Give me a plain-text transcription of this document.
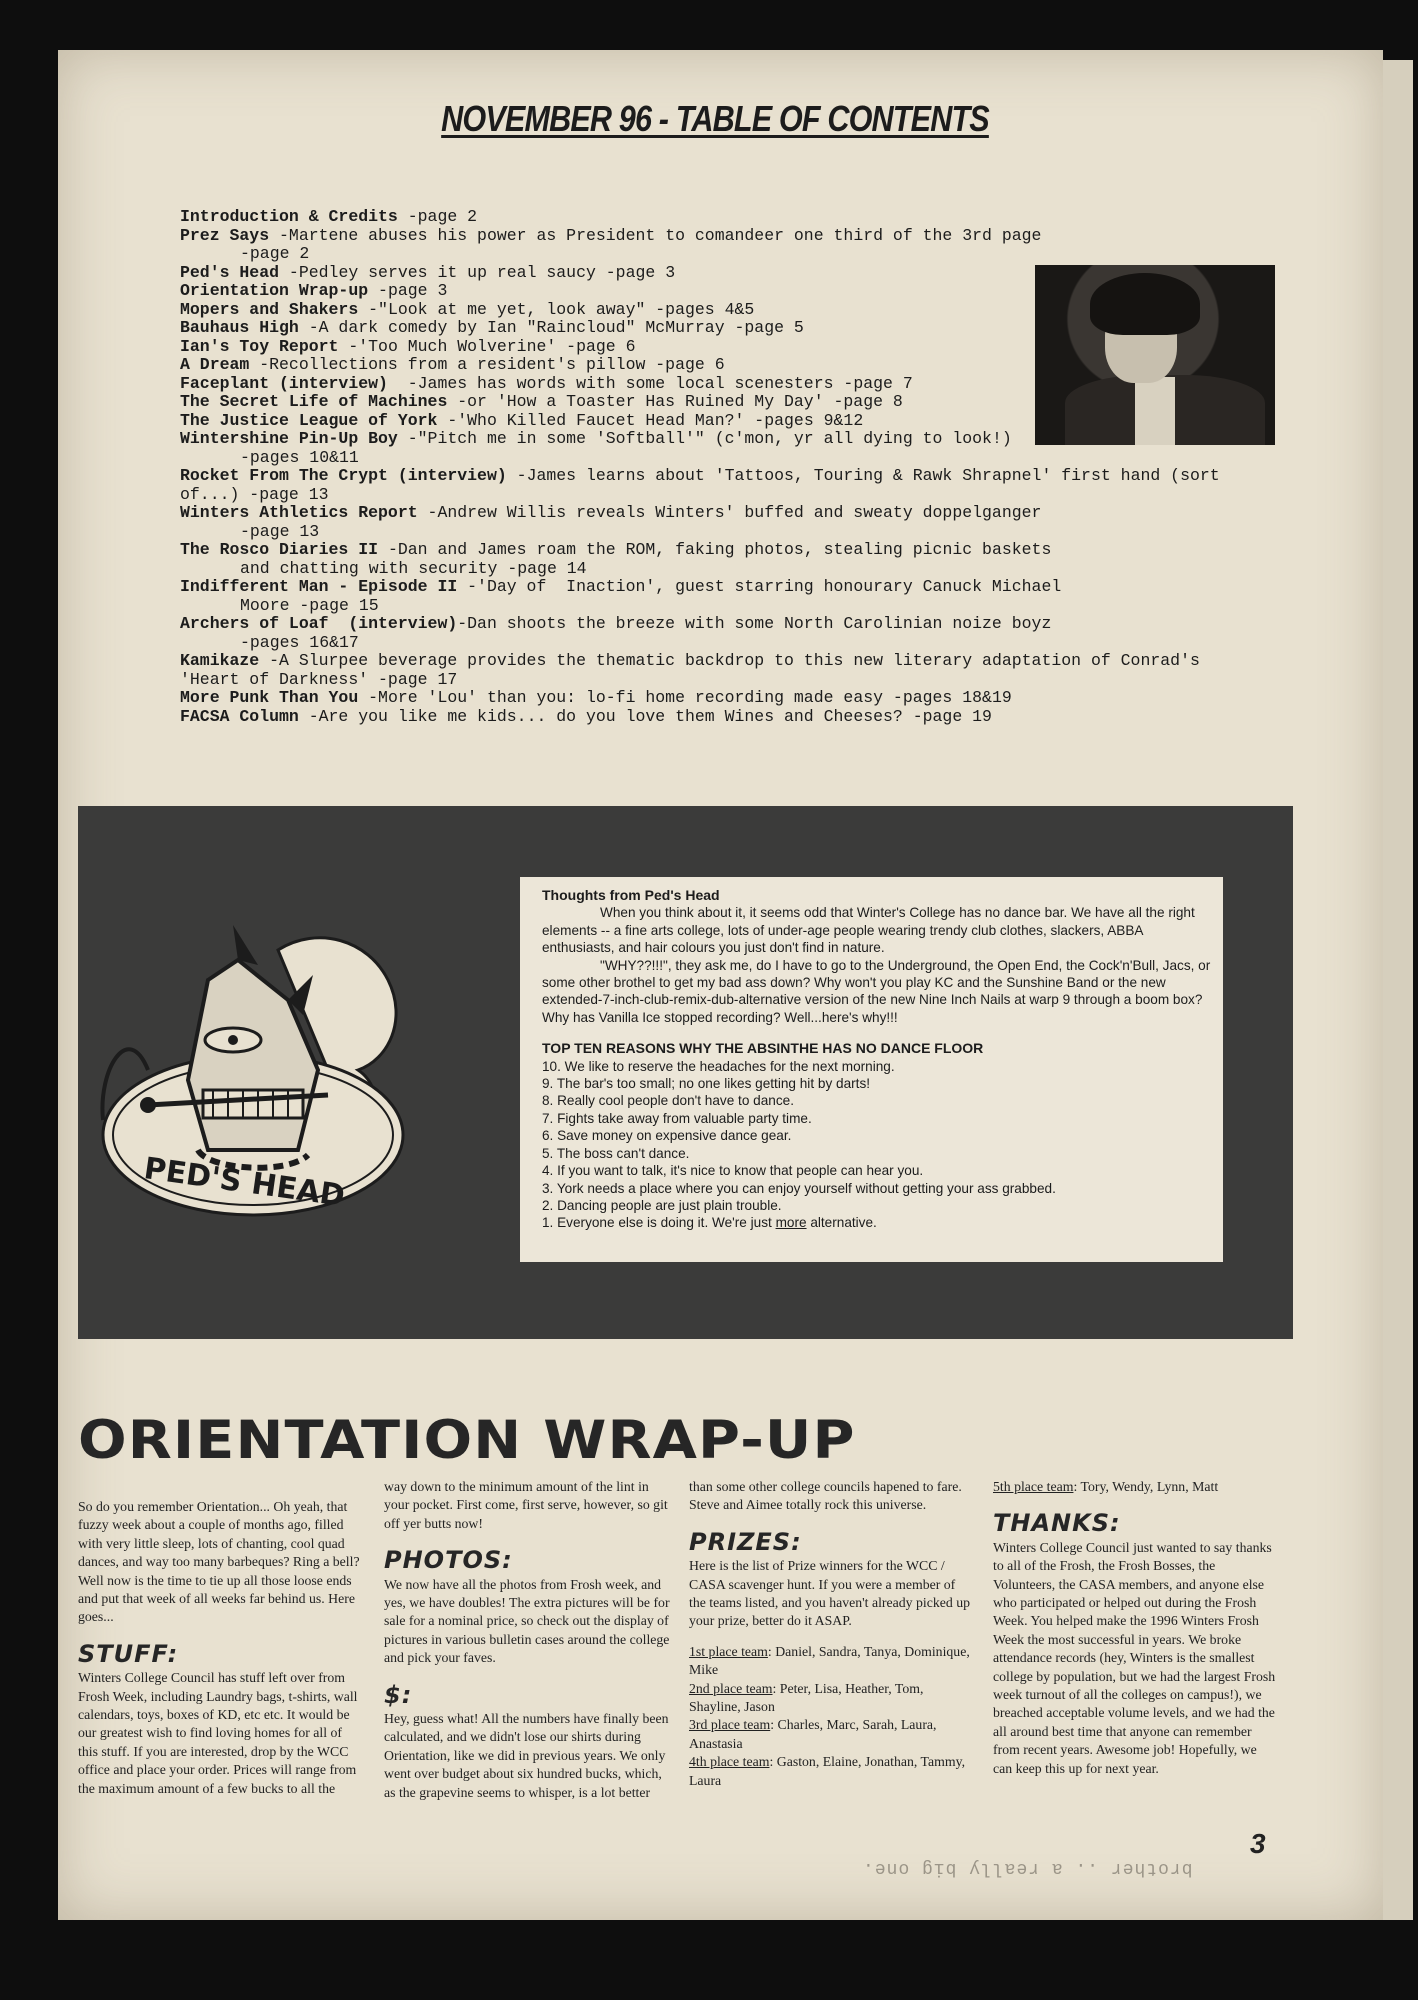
NOVEMBER 96 - TABLE OF CONTENTS
Introduction & Credits -page 2
Prez Says -Martene abuses his power as President to comandeer one third of the 3rd page
-page 2
Ped's Head -Pedley serves it up real saucy -page 3
Orientation Wrap-up -page 3
Mopers and Shakers -"Look at me yet, look away" -pages 4&5
Bauhaus High -A dark comedy by Ian "Raincloud" McMurray -page 5
Ian's Toy Report -'Too Much Wolverine' -page 6
A Dream -Recollections from a resident's pillow -page 6
Faceplant (interview)  -James has words with some local scenesters -page 7
The Secret Life of Machines -or 'How a Toaster Has Ruined My Day' -page 8
The Justice League of York -'Who Killed Faucet Head Man?' -pages 9&12
Wintershine Pin-Up Boy -"Pitch me in some 'Softball'" (c'mon, yr all dying to look!)
-pages 10&11
Rocket From The Crypt (interview) -James learns about 'Tattoos, Touring & Rawk Shrapnel' first hand (sort of...) -page 13
Winters Athletics Report -Andrew Willis reveals Winters' buffed and sweaty doppelganger
-page 13
The Rosco Diaries II -Dan and James roam the ROM, faking photos, stealing picnic baskets
and chatting with security -page 14
Indifferent Man - Episode II -'Day of  Inaction', guest starring honourary Canuck Michael
Moore -page 15
Archers of Loaf  (interview)-Dan shoots the breeze with some North Carolinian noize boyz
-pages 16&17
Kamikaze -A Slurpee beverage provides the thematic backdrop to this new literary adaptation of Conrad's 'Heart of Darkness' -page 17
More Punk Than You -More 'Lou' than you: lo-fi home recording made easy -pages 18&19
FACSA Column -Are you like me kids... do you love them Wines and Cheeses? -page 19
PED'S HEAD
Thoughts from Ped's Head

When you think about it, it seems odd that Winter's College has no dance bar. We have all the right elements -- a fine arts college, lots of under-age people wearing trendy club clothes, slackers, ABBA enthusiasts, and hair colours you just don't find in nature.

"WHY??!!!", they ask me, do I have to go to the Underground, the Open End, the Cock'n'Bull, Jacs, or some other brothel to get my bad ass down? Why won't you play KC and the Sunshine Band or the new extended-7-inch-club-remix-dub-alternative version of the new Nine Inch Nails at warp 9 through a boom box? Why has Vanilla Ice stopped recording? Well...here's why!!!

TOP TEN REASONS WHY THE ABSINTHE HAS NO DANCE FLOOR
10. We like to reserve the headaches for the next morning.
9. The bar's too small; no one likes getting hit by darts!
8. Really cool people don't have to dance.
7. Fights take away from valuable party time.
6. Save money on expensive dance gear.
5. The boss can't dance.
4. If you want to talk, it's nice to know that people can hear you.
3. York needs a place where you can enjoy yourself without getting your ass grabbed.
2. Dancing people are just plain trouble.
1. Everyone else is doing it. We're just more alternative.
ORIENTATION WRAP-UP

So do you remember Orientation... Oh yeah, that fuzzy week about a couple of months ago, filled with very little sleep, lots of chanting, cool quad dances, and way too many barbeques? Ring a bell? Well now is the time to tie up all those loose ends and put that week of all weeks far behind us. Here goes...

STUFF:

Winters College Council has stuff left over from Frosh Week, including Laundry bags, t-shirts, wall calendars, toys, boxes of KD, etc etc. It would be our greatest wish to find loving homes for all of this stuff. If you are interested, drop by the WCC office and place your order. Prices will range from the maximum amount of a few bucks to all the

way down to the minimum amount of the lint in your pocket. First come, first serve, however, so git off yer butts now!

PHOTOS:

We now have all the photos from Frosh week, and yes, we have doubles! The extra pictures will be for sale for a nominal price, so check out the display of pictures in various bulletin cases around the college and pick your faves.

$:

Hey, guess what! All the numbers have finally been calculated, and we didn't lose our shirts during Orientation, like we did in previous years. We only went over budget about six hundred bucks, which, as the grapevine seems to whisper, is a lot better

than some other college councils hapened to fare. Steve and Aimee totally rock this universe.

PRIZES:

Here is the list of Prize winners for the WCC / CASA scavenger hunt. If you were a member of the teams listed, and you haven't already picked up your prize, better do it ASAP.

1st place team: Daniel, Sandra, Tanya, Dominique, Mike

2nd place team: Peter, Lisa, Heather, Tom, Shayline, Jason

3rd place team: Charles, Marc, Sarah, Laura, Anastasia

4th place team: Gaston, Elaine, Jonathan, Tammy, Laura

5th place team: Tory, Wendy, Lynn, Matt

THANKS:

Winters College Council just wanted to say thanks to all of the Frosh, the Frosh Bosses, the Volunteers, the CASA members, and anyone else who participated or helped out during the Frosh Week. You helped make the 1996 Winters Frosh Week the most successful in years. We broke attendance records (hey, Winters is the smallest college by population, but we had the largest Frosh week turnout of all the colleges on campus!), we breached acceptable volume levels, and we had the all around best time that anyone can remember from recent years. Awesome job! Hopefully, we can keep this up for next year.

3
brother .. a really big one.
